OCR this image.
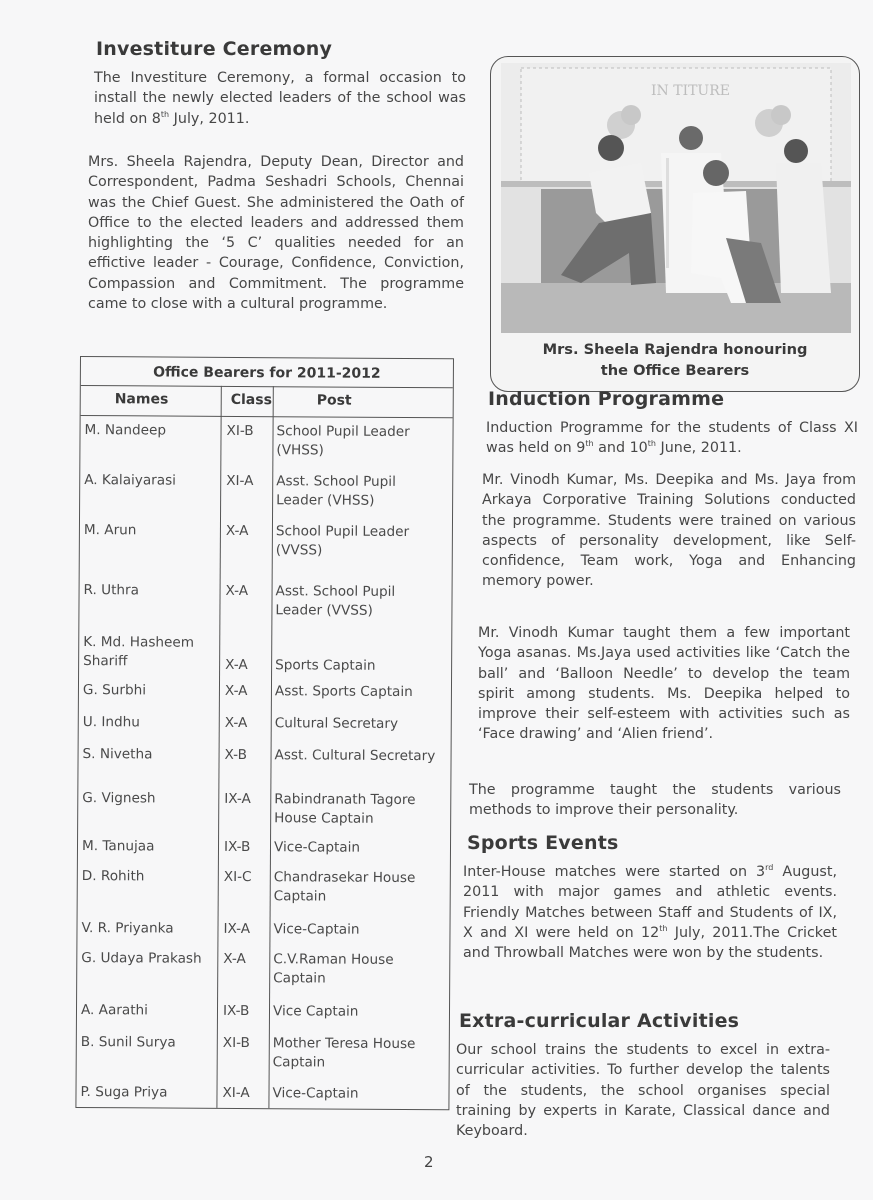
Investiture Ceremony

The Investiture Ceremony, a formal occasion to install the newly elected leaders of the school was held on 8th July, 2011.

Mrs. Sheela Rajendra, Deputy Dean, Director and Correspondent, Padma Seshadri Schools, Chennai was the Chief Guest. She administered the Oath of Office to the elected leaders and addressed them highlighting the ‘5 C’ qualities needed for an effictive leader - Courage, Confidence, Conviction, Compassion and Commitment. The programme came to close with a cultural programme.

Office Bearers for 2011-2012
Names	Class	Post
M. Nandeep	XI-B	School Pupil Leader (VHSS)
A. Kalaiyarasi	XI-A	Asst. School Pupil Leader (VHSS)
M. Arun	X-A	School Pupil Leader (VVSS)
R. Uthra	X-A	Asst. School Pupil Leader (VVSS)
K. Md. Hasheem Shariff	X-A	Sports Captain
G. Surbhi	X-A	Asst. Sports Captain
U. Indhu	X-A	Cultural Secretary
S. Nivetha	X-B	Asst. Cultural Secretary
G. Vignesh	IX-A	Rabindranath Tagore House Captain
M. Tanujaa	IX-B	Vice-Captain
D. Rohith	XI-C	Chandrasekar House Captain
V. R. Priyanka	IX-A	Vice-Captain
G. Udaya Prakash	X-A	C.V.Raman House Captain
A. Aarathi	IX-B	Vice Captain
B. Sunil Surya	XI-B	Mother Teresa House Captain
P. Suga Priya	XI-A	Vice-Captain
IN TITURE
Mrs. Sheela Rajendra honouring
the Office Bearers
Induction Programme

Induction Programme for the students of Class XI was held on 9th and 10th June, 2011.

Mr. Vinodh Kumar, Ms. Deepika and Ms. Jaya from Arkaya Corporative Training Solutions conducted the programme. Students were trained on various aspects of personality development, like Self-confidence, Team work, Yoga and Enhancing memory power.

Mr. Vinodh Kumar taught them a few important Yoga asanas. Ms.Jaya used activities like ‘Catch the ball’ and ‘Balloon Needle’ to develop the team spirit among students. Ms. Deepika helped to improve their self-esteem with activities such as ‘Face drawing’ and ‘Alien friend’.

The programme taught the students various methods to improve their personality.

Sports Events

Inter-House matches were started on 3rd August, 2011 with major games and athletic events. Friendly Matches between Staff and Students of IX, X and XI were held on 12th July, 2011.The Cricket and Throwball Matches were won by the students.

Extra-curricular Activities

Our school trains the students to excel in extra-curricular activities. To further develop the talents of the students, the school organises special training by experts in Karate, Classical dance and Keyboard.

2
